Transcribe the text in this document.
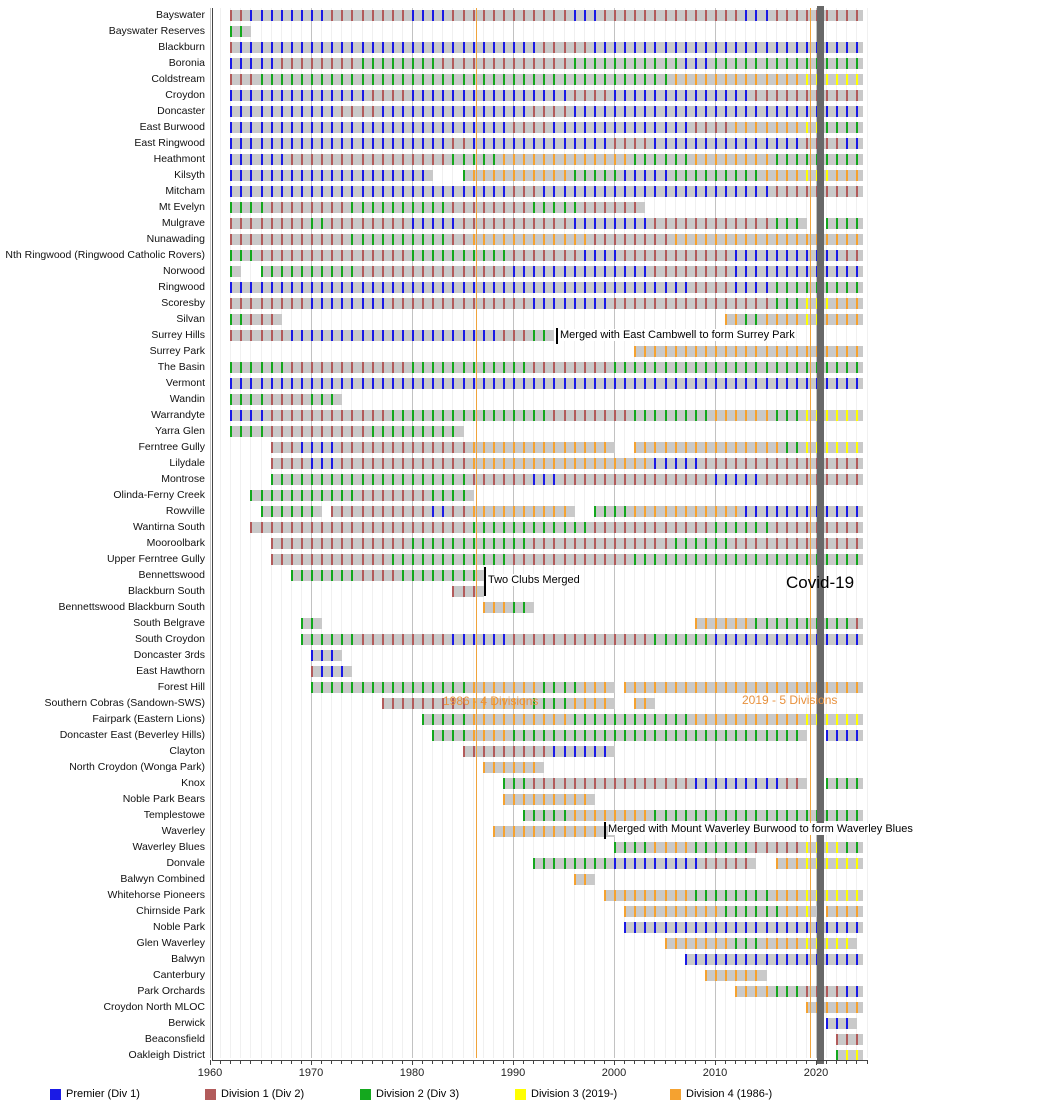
Bayswater
Bayswater Reserves
Blackburn
Boronia
Coldstream
Croydon
Doncaster
East Burwood
East Ringwood
Heathmont
Kilsyth
Mitcham
Mt Evelyn
Mulgrave
Nunawading
Nth Ringwood (Ringwood Catholic Rovers)
Norwood
Ringwood
Scoresby
Silvan
Surrey Hills
Surrey Park
The Basin
Vermont
Wandin
Warrandyte
Yarra Glen
Ferntree Gully
Lilydale
Montrose
Olinda-Ferny Creek
Rowville
Wantirna South
Mooroolbark
Upper Ferntree Gully
Bennettswood
Blackburn South
Bennettswood Blackburn South
South Belgrave
South Croydon
Doncaster 3rds
East Hawthorn
Forest Hill
Southern Cobras (Sandown-SWS)
Fairpark (Eastern Lions)
Doncaster East (Beverley Hills)
Clayton
North Croydon (Wonga Park)
Knox
Noble Park Bears
Templestowe
Waverley
Waverley Blues
Donvale
Balwyn Combined
Whitehorse Pioneers
Chirnside Park
Noble Park
Glen Waverley
Balwyn
Canterbury
Park Orchards
Croydon North MLOC
Berwick
Beaconsfield
Oakleigh District
Merged with East Cambwell to form Surrey Park
Two Clubs Merged	Covid-19
1986 - 4 Divisions	2019 - 5 Divisions
Merged with Mount Waverley Burwood to form Waverley Blues
1960	1970	1980	1990	2000	2010	2020
Premier (Div 1)	Division 1 (Div 2)	Division 2 (Div 3)	Division 3 (2019-)	Division 4 (1986-)
